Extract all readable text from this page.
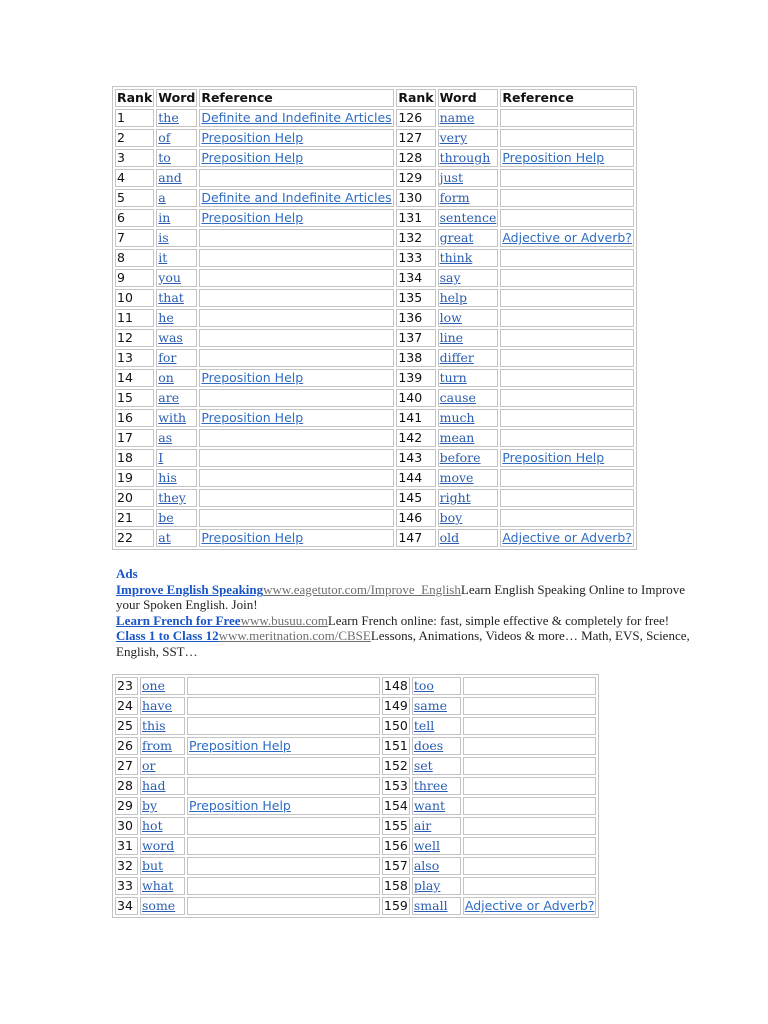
Rank	Word	Reference	Rank	Word	Reference
1	the	Definite and Indefinite Articles	126	name	
2	of	Preposition Help	127	very	
3	to	Preposition Help	128	through	Preposition Help
4	and		129	just	
5	a	Definite and Indefinite Articles	130	form	
6	in	Preposition Help	131	sentence	
7	is		132	great	Adjective or Adverb?
8	it		133	think	
9	you		134	say	
10	that		135	help	
11	he		136	low	
12	was		137	line	
13	for		138	differ	
14	on	Preposition Help	139	turn	
15	are		140	cause	
16	with	Preposition Help	141	much	
17	as		142	mean	
18	I		143	before	Preposition Help
19	his		144	move	
20	they		145	right	
21	be		146	boy	
22	at	Preposition Help	147	old	Adjective or Adverb?
Ads
Improve English Speakingwww.eagetutor.com/Improve_EnglishLearn English Speaking Online to Improve your Spoken English. Join!
Learn French for Freewww.busuu.comLearn French online: fast, simple effective & completely for free!
Class 1 to Class 12www.meritnation.com/CBSELessons, Animations, Videos & more… Math, EVS, Science, English, SST…
23	one		148	too	
24	have		149	same	
25	this		150	tell	
26	from	Preposition Help	151	does	
27	or		152	set	
28	had		153	three	
29	by	Preposition Help	154	want	
30	hot		155	air	
31	word		156	well	
32	but		157	also	
33	what		158	play	
34	some		159	small	Adjective or Adverb?
